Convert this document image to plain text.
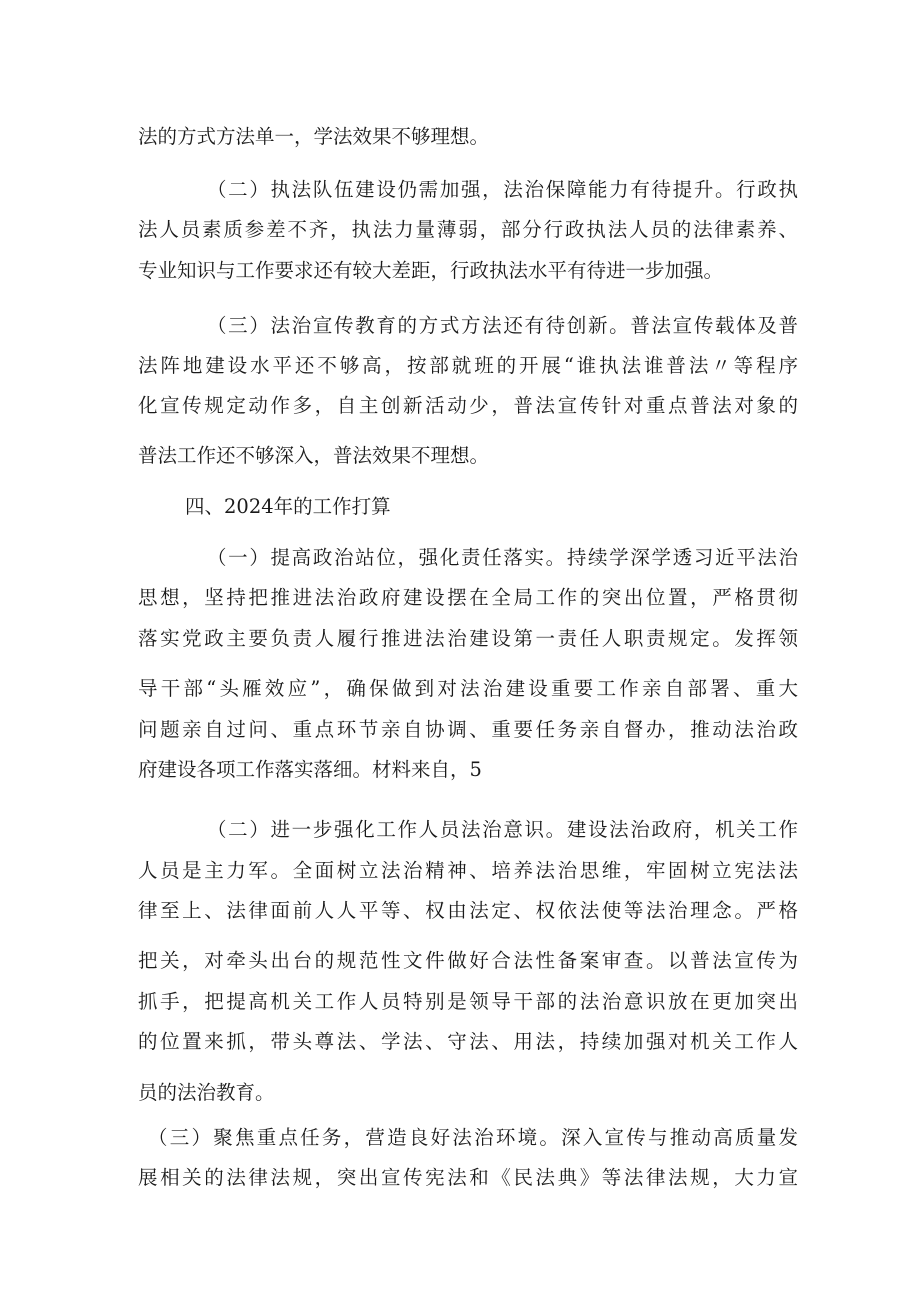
法的方式方法单一，学法效果不够理想。
（二）执法队伍建设仍需加强，法治保障能力有待提升。行政执
法人员素质参差不齐，执法力量薄弱，部分行政执法人员的法律素养、
专业知识与工作要求还有较大差距，行政执法水平有待进一步加强。
（三）法治宣传教育的方式方法还有待创新。普法宣传载体及普
法阵地建设水平还不够高，按部就班的开展“谁执法谁普法〃等程序
化宣传规定动作多，自主创新活动少，普法宣传针对重点普法对象的
普法工作还不够深入，普法效果不理想。
四、2024年的工作打算
（一）提高政治站位，强化责任落实。持续学深学透习近平法治
思想，坚持把推进法治政府建设摆在全局工作的突出位置，严格贯彻
落实党政主要负责人履行推进法治建设第一责任人职责规定。发挥领
导干部“头雁效应”，确保做到对法治建设重要工作亲自部署、重大
问题亲自过问、重点环节亲自协调、重要任务亲自督办，推动法治政
府建设各项工作落实落细。材料来自，5
（二）进一步强化工作人员法治意识。建设法治政府，机关工作
人员是主力军。全面树立法治精神、培养法治思维，牢固树立宪法法
律至上、法律面前人人平等、权由法定、权依法使等法治理念。严格
把关，对牵头出台的规范性文件做好合法性备案审查。以普法宣传为
抓手，把提高机关工作人员特别是领导干部的法治意识放在更加突出
的位置来抓，带头尊法、学法、守法、用法，持续加强对机关工作人
员的法治教育。
（三）聚焦重点任务，营造良好法治环境。深入宣传与推动高质量发
展相关的法律法规，突出宣传宪法和《民法典》等法律法规，大力宣
